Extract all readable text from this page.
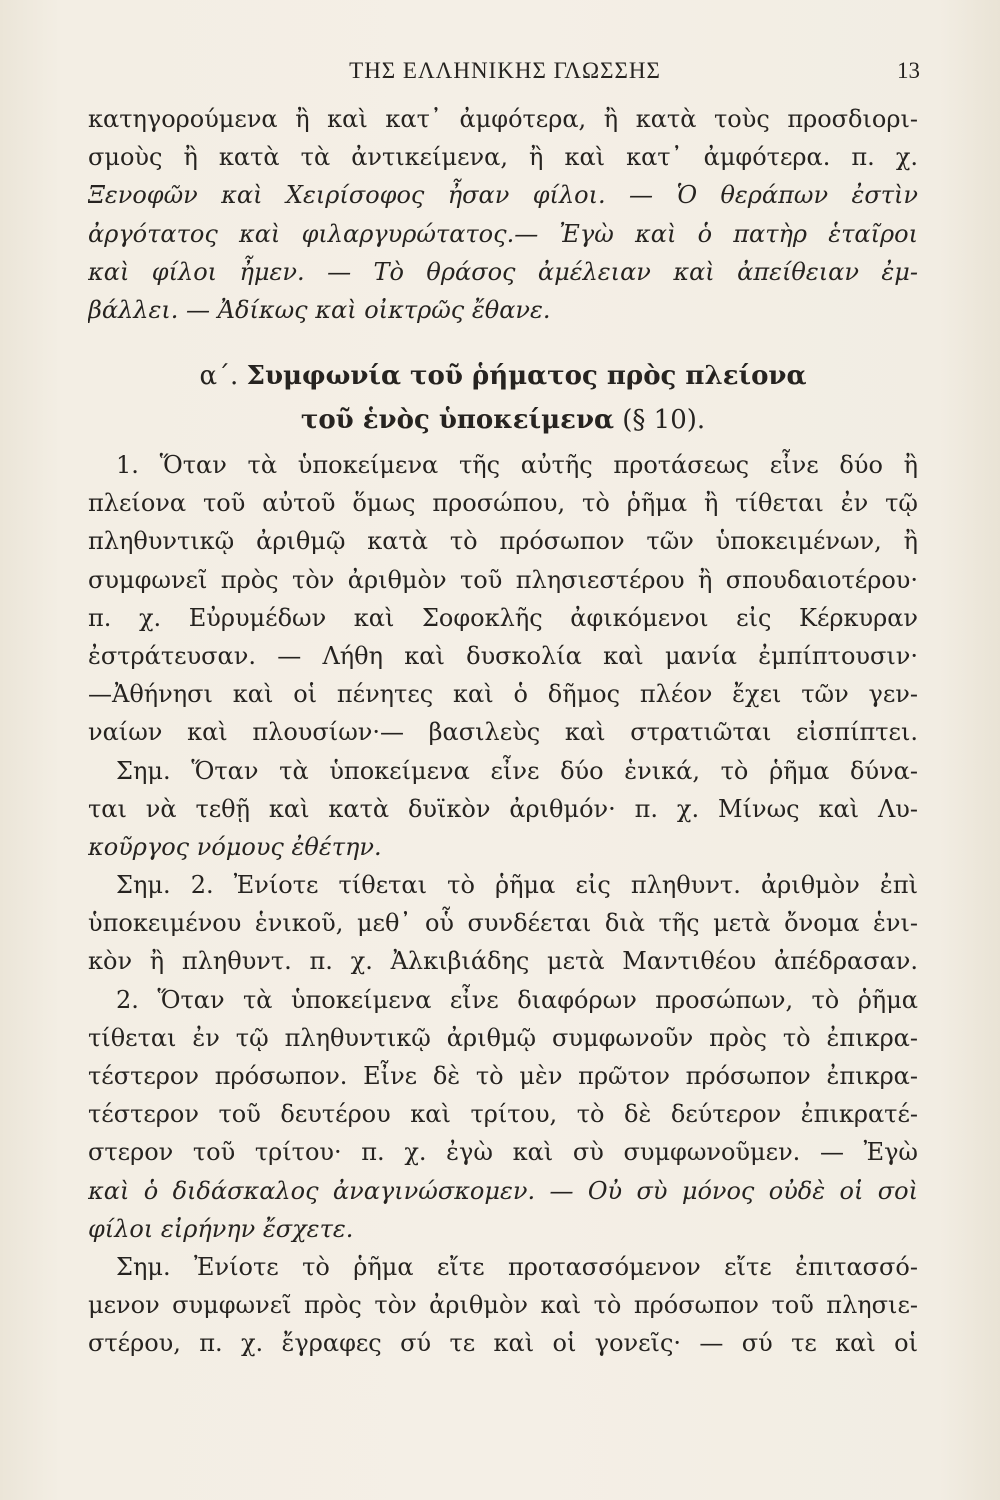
ΤΗΣ ΕΛΛΗΝΙΚΗΣ ΓΛΩΣΣΗΣ	13
κατηγορούμενα ἢ καὶ κατ᾽ ἀμφότερα, ἢ κατὰ τοὺς προσδιορι-
σμοὺς ἢ κατὰ τὰ ἀντικείμενα, ἢ καὶ κατ᾽ ἀμφότερα. π. χ.
Ξενοφῶν καὶ Χειρίσοφος ἦσαν φίλοι. — Ὁ θεράπων ἐστὶν
ἀργότατος καὶ φιλαργυρώτατος.— Ἐγὼ καὶ ὁ πατὴρ ἑταῖροι
καὶ φίλοι ἦμεν. — Τὸ θράσος ἀμέλειαν καὶ ἀπείθειαν ἐμ-
βάλλει. — Ἀδίκως καὶ οἰκτρῶς ἔθανε.
α΄. Συμφωνία τοῦ ῥήματος πρὸς πλείονα
τοῦ ἑνὸς ὑποκείμενα (§ 10).
1. Ὅταν τὰ ὑποκείμενα τῆς αὐτῆς προτάσεως εἶνε δύο ἢ
πλείονα τοῦ αὐτοῦ ὅμως προσώπου, τὸ ῥῆμα ἢ τίθεται ἐν τῷ
πληθυντικῷ ἀριθμῷ κατὰ τὸ πρόσωπον τῶν ὑποκειμένων, ἢ
συμφωνεῖ πρὸς τὸν ἀριθμὸν τοῦ πλησιεστέρου ἢ σπουδαιοτέρου·
π. χ. Εὐρυμέδων καὶ Σοφοκλῆς ἀφικόμενοι εἰς Κέρκυραν
ἐστράτευσαν. — Λήθη καὶ δυσκολία καὶ μανία ἐμπίπτουσιν·
—Ἀθήνησι καὶ οἱ πένητες καὶ ὁ δῆμος πλέον ἔχει τῶν γεν-
ναίων καὶ πλουσίων·— βασιλεὺς καὶ στρατιῶται εἰσπίπτει.
Σημ. Ὅταν τὰ ὑποκείμενα εἶνε δύο ἑνικά, τὸ ῥῆμα δύνα-
ται νὰ τεθῇ καὶ κατὰ δυϊκὸν ἀριθμόν· π. χ. Μίνως καὶ Λυ-
κοῦργος νόμους ἐθέτην.
Σημ. 2. Ἐνίοτε τίθεται τὸ ῥῆμα εἰς πληθυντ. ἀριθμὸν ἐπὶ
ὑποκειμένου ἑνικοῦ, μεθ᾽ οὗ συνδέεται διὰ τῆς μετὰ ὄνομα ἑνι-
κὸν ἢ πληθυντ. π. χ. Ἀλκιβιάδης μετὰ Μαντιθέου ἀπέδρασαν.
2. Ὅταν τὰ ὑποκείμενα εἶνε διαφόρων προσώπων, τὸ ῥῆμα
τίθεται ἐν τῷ πληθυντικῷ ἀριθμῷ συμφωνοῦν πρὸς τὸ ἐπικρα-
τέστερον πρόσωπον. Εἶνε δὲ τὸ μὲν πρῶτον πρόσωπον ἐπικρα-
τέστερον τοῦ δευτέρου καὶ τρίτου, τὸ δὲ δεύτερον ἐπικρατέ-
στερον τοῦ τρίτου· π. χ. ἐγὼ καὶ σὺ συμφωνοῦμεν. — Ἐγὼ
καὶ ὁ διδάσκαλος ἀναγινώσκομεν. — Οὐ σὺ μόνος οὐδὲ οἱ σοὶ
φίλοι εἰρήνην ἔσχετε.
Σημ. Ἐνίοτε τὸ ῥῆμα εἴτε προτασσόμενον εἴτε ἐπιτασσό-
μενον συμφωνεῖ πρὸς τὸν ἀριθμὸν καὶ τὸ πρόσωπον τοῦ πλησιε-
στέρου, π. χ. ἔγραφες σύ τε καὶ οἱ γονεῖς· — σύ τε καὶ οἱ
